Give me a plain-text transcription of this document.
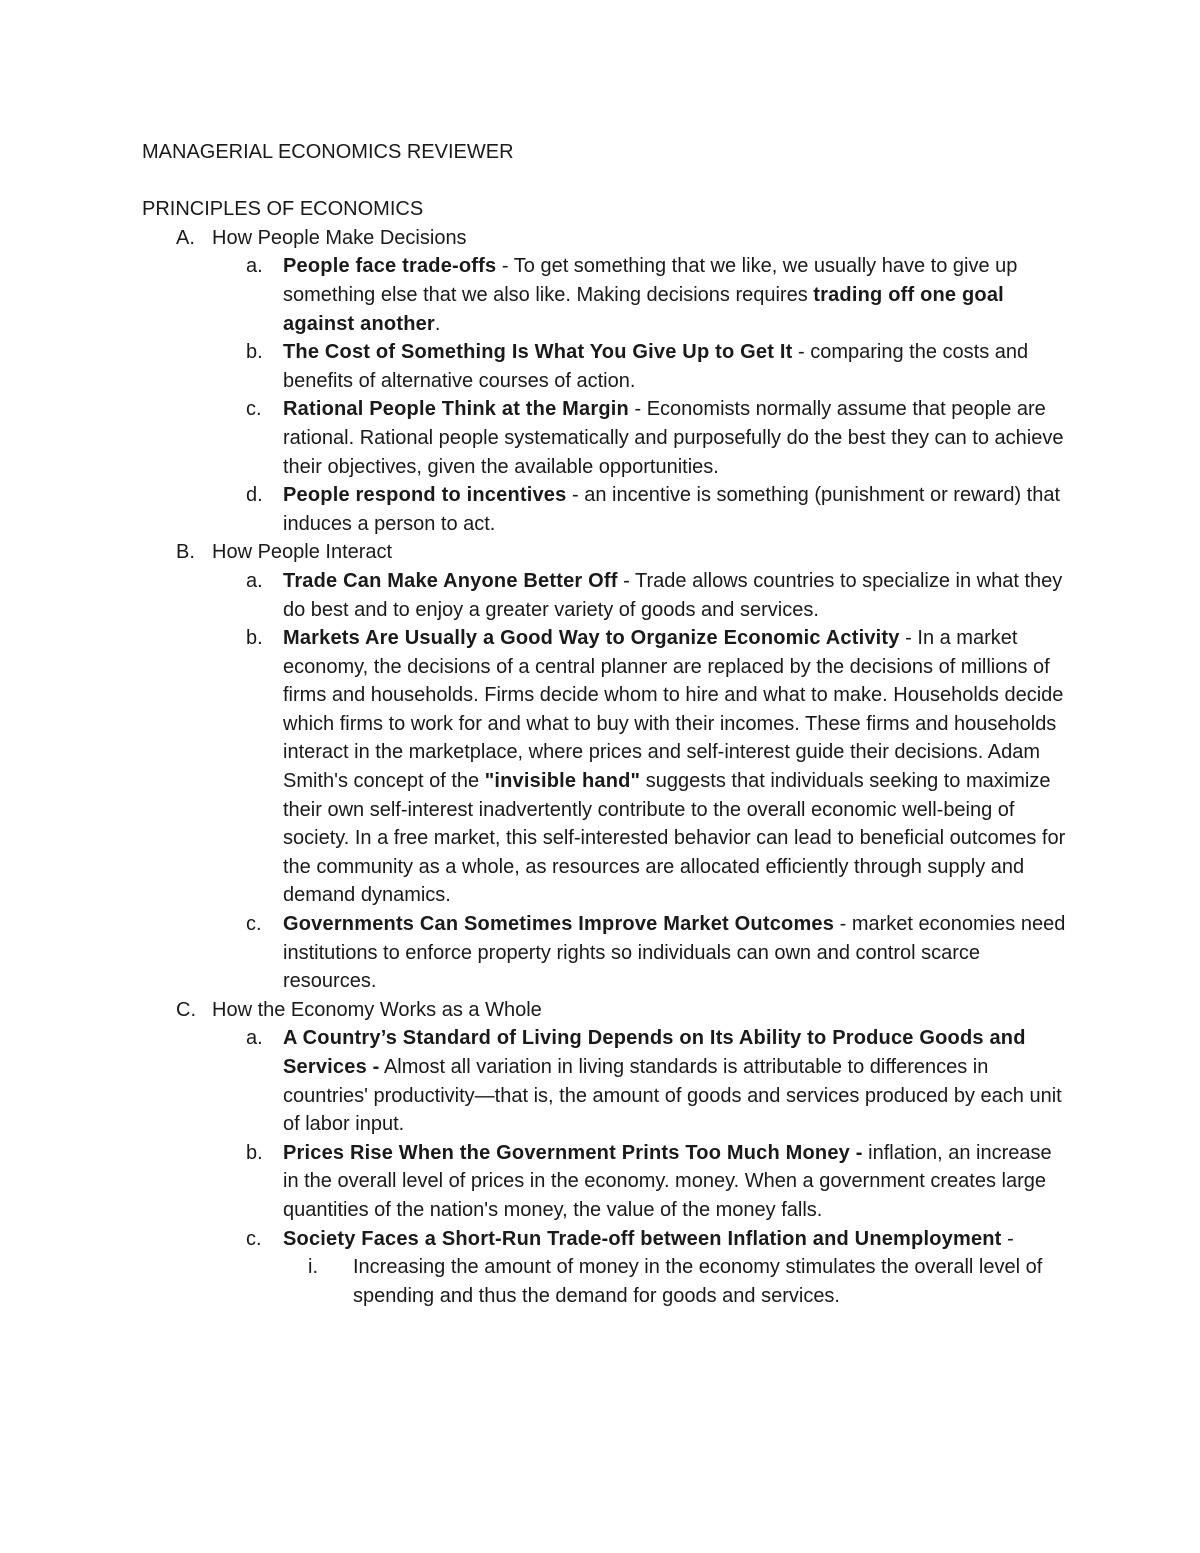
MANAGERIAL ECONOMICS REVIEWER

PRINCIPLES OF ECONOMICS

A. How People Make Decisions
a. People face trade-offs - To get something that we like, we usually have to give up something else that we also like. Making decisions requires trading off one goal against another.
b. The Cost of Something Is What You Give Up to Get It - comparing the costs and benefits of alternative courses of action.
c. Rational People Think at the Margin - Economists normally assume that people are rational. Rational people systematically and purposefully do the best they can to achieve their objectives, given the available opportunities.
d. People respond to incentives - an incentive is something (punishment or reward) that induces a person to act.
B. How People Interact
a. Trade Can Make Anyone Better Off - Trade allows countries to specialize in what they do best and to enjoy a greater variety of goods and services.
b. Markets Are Usually a Good Way to Organize Economic Activity - In a market economy, the decisions of a central planner are replaced by the decisions of millions of firms and households. Firms decide whom to hire and what to make. Households decide which firms to work for and what to buy with their incomes. These firms and households interact in the marketplace, where prices and self-interest guide their decisions. Adam Smith's concept of the "invisible hand" suggests that individuals seeking to maximize their own self-interest inadvertently contribute to the overall economic well-being of society. In a free market, this self-interested behavior can lead to beneficial outcomes for the community as a whole, as resources are allocated efficiently through supply and demand dynamics.
c. Governments Can Sometimes Improve Market Outcomes - market economies need institutions to enforce property rights so individuals can own and control scarce resources.
C. How the Economy Works as a Whole
a. A Country’s Standard of Living Depends on Its Ability to Produce Goods and Services - Almost all variation in living standards is attributable to differences in countries' productivity—that is, the amount of goods and services produced by each unit of labor input.
b. Prices Rise When the Government Prints Too Much Money - inflation, an increase in the overall level of prices in the economy. money. When a government creates large quantities of the nation's money, the value of the money falls.
c. Society Faces a Short-Run Trade-off between Inflation and Unemployment -
i. Increasing the amount of money in the economy stimulates the overall level of spending and thus the demand for goods and services.
